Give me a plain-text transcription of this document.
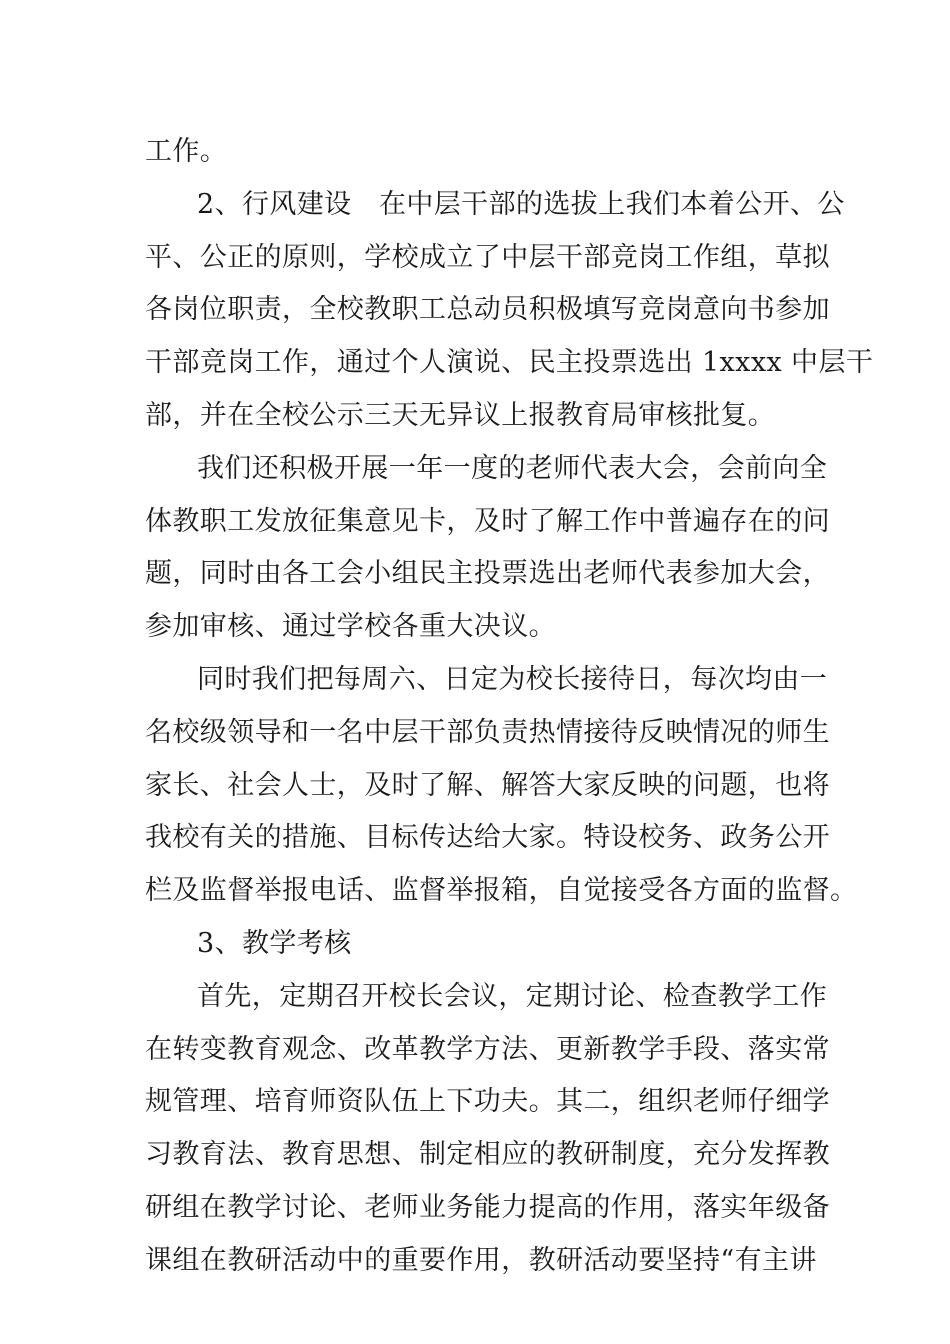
工作。
2、行风建设　在中层干部的选拔上我们本着公开、公
平、公正的原则，学校成立了中层干部竞岗工作组，草拟
各岗位职责，全校教职工总动员积极填写竞岗意向书参加
干部竞岗工作，通过个人演说、民主投票选出 1xxxx 中层干
部，并在全校公示三天无异议上报教育局审核批复。
我们还积极开展一年一度的老师代表大会，会前向全
体教职工发放征集意见卡，及时了解工作中普遍存在的问
题，同时由各工会小组民主投票选出老师代表参加大会，
参加审核、通过学校各重大决议。
同时我们把每周六、日定为校长接待日，每次均由一
名校级领导和一名中层干部负责热情接待反映情况的师生
家长、社会人士，及时了解、解答大家反映的问题，也将
我校有关的措施、目标传达给大家。特设校务、政务公开
栏及监督举报电话、监督举报箱，自觉接受各方面的监督。
3、教学考核
首先，定期召开校长会议，定期讨论、检查教学工作
在转变教育观念、改革教学方法、更新教学手段、落实常
规管理、培育师资队伍上下功夫。其二，组织老师仔细学
习教育法、教育思想、制定相应的教研制度，充分发挥教
研组在教学讨论、老师业务能力提高的作用，落实年级备
课组在教研活动中的重要作用，教研活动要坚持“有主讲
